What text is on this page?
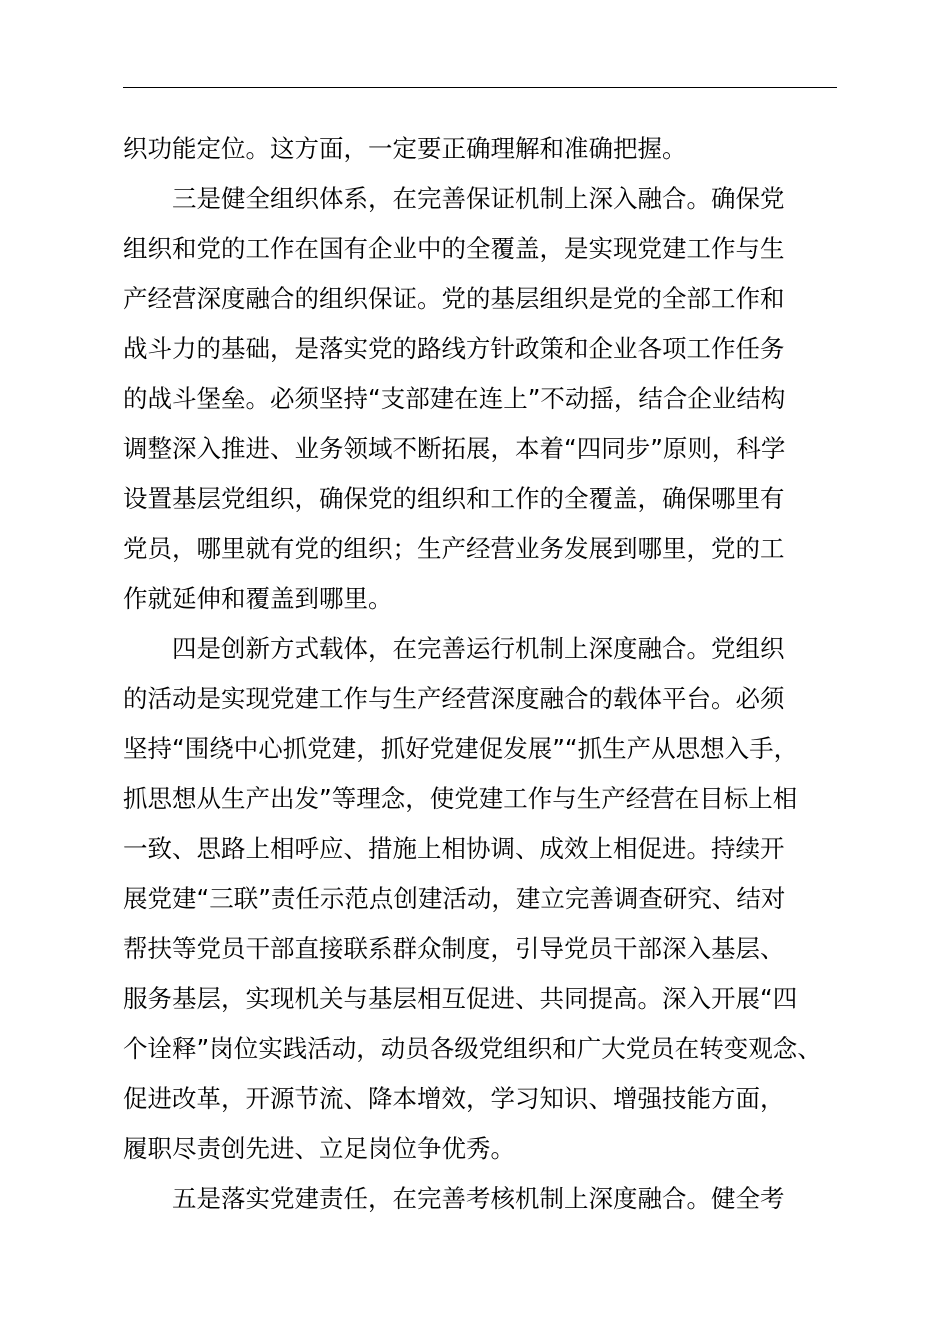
织功能定位。这方面，一定要正确理解和准确把握。
三是健全组织体系，在完善保证机制上深入融合。确保党
组织和党的工作在国有企业中的全覆盖，是实现党建工作与生
产经营深度融合的组织保证。党的基层组织是党的全部工作和
战斗力的基础，是落实党的路线方针政策和企业各项工作任务
的战斗堡垒。必须坚持“支部建在连上”不动摇，结合企业结构
调整深入推进、业务领域不断拓展，本着“四同步”原则，科学
设置基层党组织，确保党的组织和工作的全覆盖，确保哪里有
党员，哪里就有党的组织；生产经营业务发展到哪里，党的工
作就延伸和覆盖到哪里。
四是创新方式载体，在完善运行机制上深度融合。党组织
的活动是实现党建工作与生产经营深度融合的载体平台。必须
坚持“围绕中心抓党建，抓好党建促发展”“抓生产从思想入手，
抓思想从生产出发”等理念，使党建工作与生产经营在目标上相
一致、思路上相呼应、措施上相协调、成效上相促进。持续开
展党建“三联”责任示范点创建活动，建立完善调查研究、结对
帮扶等党员干部直接联系群众制度，引导党员干部深入基层、
服务基层，实现机关与基层相互促进、共同提高。深入开展“四
个诠释”岗位实践活动，动员各级党组织和广大党员在转变观念、
促进改革，开源节流、降本增效，学习知识、增强技能方面，
履职尽责创先进、立足岗位争优秀。
五是落实党建责任，在完善考核机制上深度融合。健全考
